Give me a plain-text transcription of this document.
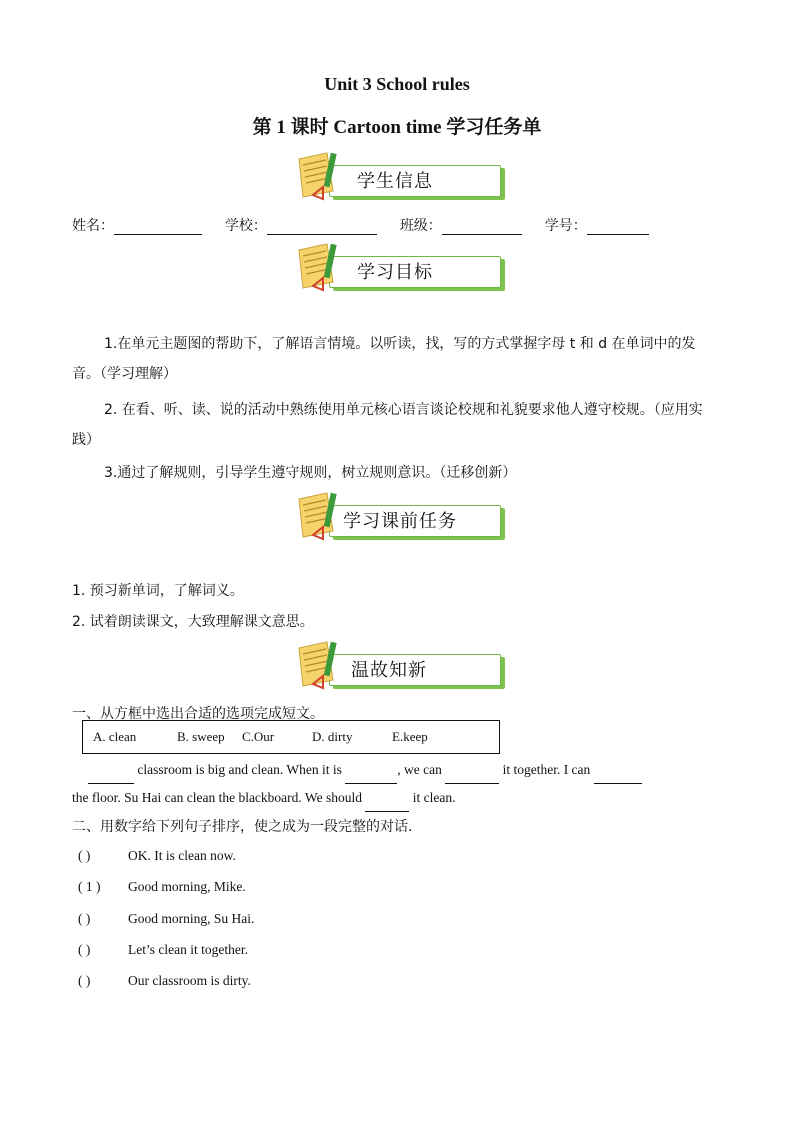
Unit 3 School rules
第 1 课时 Cartoon time 学习任务单
学生信息
姓名：	学校：	班级：	学号：
学习目标
1.在单元主题图的帮助下，了解语言情境。以听读，找，写的方式掌握字母 t 和 d 在单词中的发音。（学习理解）
2. 在看、听、读、说的活动中熟练使用单元核心语言谈论校规和礼貌要求他人遵守校规。（应用实践）
3.通过了解规则，引导学生遵守规则，树立规则意识。（迁移创新）
学习课前任务
1. 预习新单词，了解词义。
2. 试着朗读课文，大致理解课文意思。
温故知新
一、从方框中选出合适的选项完成短文。
A. clean	B. sweep C.Our	D. dirty	E.keep
classroom is big and clean. When it is	, we can	it together. I can
the floor. Su Hai can clean the blackboard. We should	it clean.
二、用数字给下列句子排序，使之成为一段完整的对话.
( )	OK. It is clean now.
( 1 ) Good morning, Mike.
( )	Good morning, Su Hai.
( )	Let’s clean it together.
( )	Our classroom is dirty.
